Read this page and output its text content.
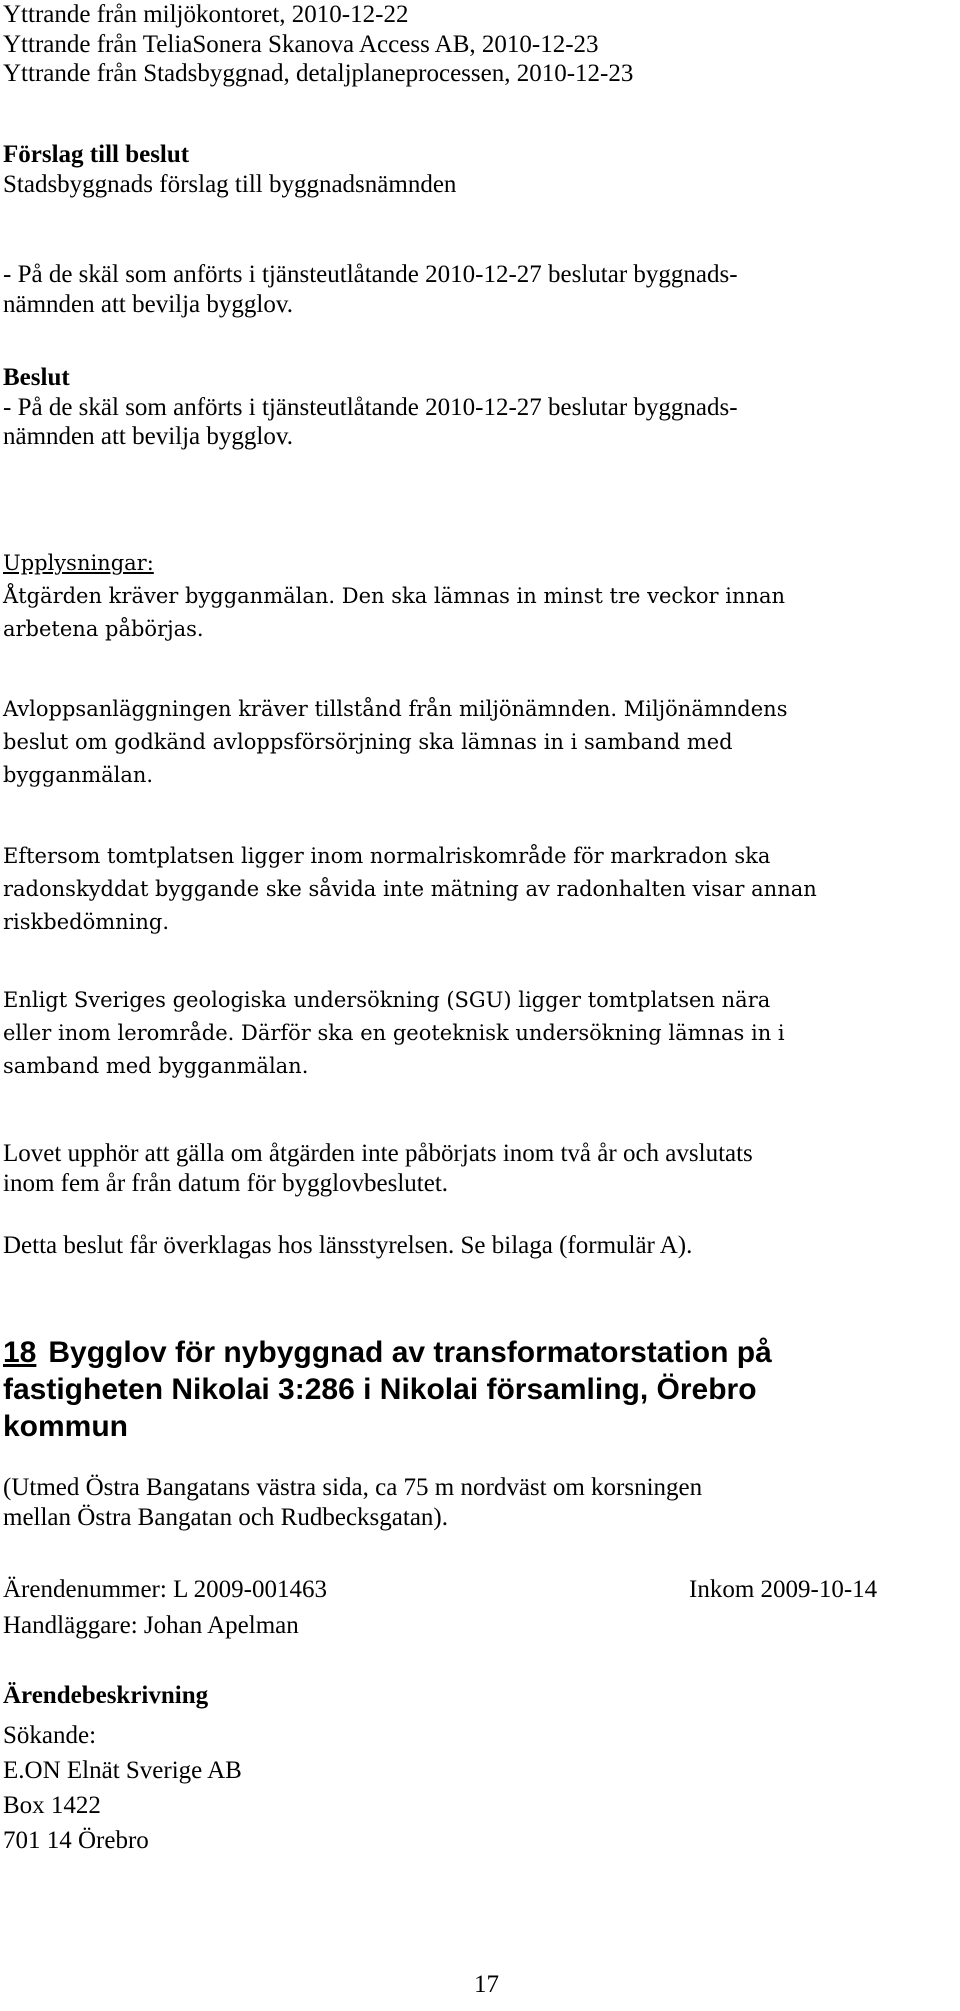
Yttrande från miljökontoret, 2010-12-22
Yttrande från TeliaSonera Skanova Access AB, 2010-12-23
Yttrande från Stadsbyggnad, detaljplaneprocessen, 2010-12-23
Förslag till beslut
Stadsbyggnads förslag till byggnadsnämnden
- På de skäl som anförts i tjänsteutlåtande 2010-12-27 beslutar byggnads-
nämnden att bevilja bygglov.
Beslut
- På de skäl som anförts i tjänsteutlåtande 2010-12-27 beslutar byggnads-
nämnden att bevilja bygglov.
Upplysningar:
Åtgärden kräver bygganmälan. Den ska lämnas in minst tre veckor innan
arbetena påbörjas.
Avloppsanläggningen kräver tillstånd från miljönämnden. Miljönämndens
beslut om godkänd avloppsförsörjning ska lämnas in i samband med
bygganmälan.
Eftersom tomtplatsen ligger inom normalriskområde för markradon ska
radonskyddat byggande ske såvida inte mätning av radonhalten visar annan
riskbedömning.
Enligt Sveriges geologiska undersökning (SGU) ligger tomtplatsen nära
eller inom lerområde. Därför ska en geoteknisk undersökning lämnas in i
samband med bygganmälan.
Lovet upphör att gälla om åtgärden inte påbörjats inom två år och avslutats
inom fem år från datum för bygglovbeslutet.
Detta beslut får överklagas hos länsstyrelsen. Se bilaga (formulär A).
18 Bygglov för nybyggnad av transformatorstation på
fastigheten Nikolai 3:286 i Nikolai församling, Örebro
kommun
(Utmed Östra Bangatans västra sida, ca 75 m nordväst om korsningen
mellan Östra Bangatan och Rudbecksgatan).
Ärendenummer: L 2009-001463	Inkom 2009-10-14
Handläggare: Johan Apelman
Ärendebeskrivning
Sökande:
E.ON Elnät Sverige AB
Box 1422
701 14 Örebro
17
